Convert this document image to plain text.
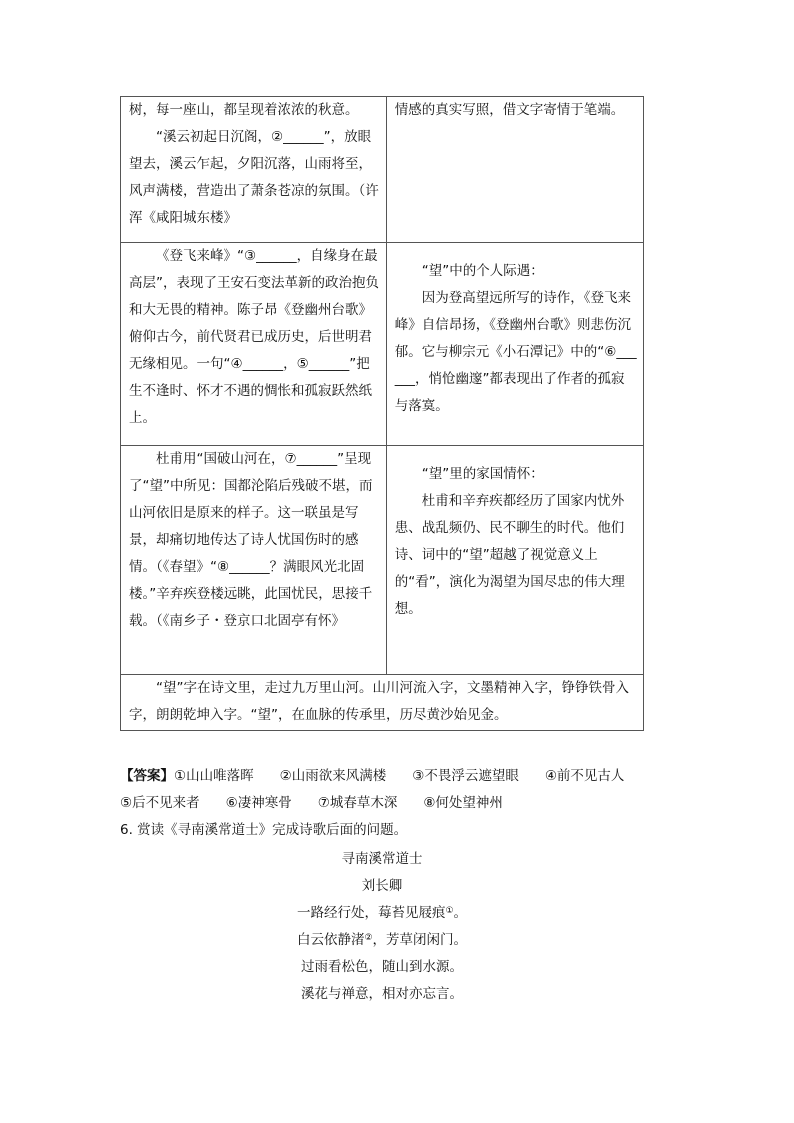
树，每一座山，都呈现着浓浓的秋意。

“溪云初起日沉阁，②______”，放眼望去，溪云乍起，夕阳沉落，山雨将至，风声满楼，营造出了萧条苍凉的氛围。（许浑《咸阳城东楼》	情感的真实写照，借文字寄情于笔端。

《登飞来峰》“③______，自缘身在最高层”，表现了王安石变法革新的政治抱负和大无畏的精神。陈子昂《登幽州台歌》俯仰古今，前代贤君已成历史，后世明君无缘相见。一句“④______，⑤______”把生不逢时、怀才不遇的惆怅和孤寂跃然纸上。	“望”中的个人际遇：

因为登高望远所写的诗作，《登飞来峰》自信昂扬，《登幽州台歌》则悲伤沉郁。它与柳宗元《小石潭记》中的“⑥______，悄怆幽邃”都表现出了作者的孤寂与落寞。

杜甫用“国破山河在，⑦______”呈现了“望”中所见：国都沦陷后残破不堪，而山河依旧是原来的样子。这一联虽是写景，却痛切地传达了诗人忧国伤时的感情。（《春望》“⑧______？满眼风光北固楼。”辛弃疾登楼远眺，此国忧民，思接千载。（《南乡子・登京口北固亭有怀》	“望”里的家国情怀：

杜甫和辛弃疾都经历了国家内忧外患、战乱频仍、民不聊生的时代。他们诗、词中的“望”超越了视觉意义上的“看”，演化为渴望为国尽忠的伟大理想。

“望”字在诗文里，走过九万里山河。山川河流入字，文墨精神入字，铮铮铁骨入字，朗朗乾坤入字。“望”，在血脉的传承里，历尽黄沙始见金。	

【答案】①山山唯落晖 ②山雨欲来风满楼 ③不畏浮云遮望眼 ④前不见古人
⑤后不见来者 ⑥凄神寒骨 ⑦城春草木深 ⑧何处望神州
6. 赏读《寻南溪常道士》完成诗歌后面的问题。
寻南溪常道士
刘长卿
一路经行处，莓苔见屐痕①。
白云依静渚②，芳草闭闲门。
过雨看松色，随山到水源。
溪花与禅意，相对亦忘言。
